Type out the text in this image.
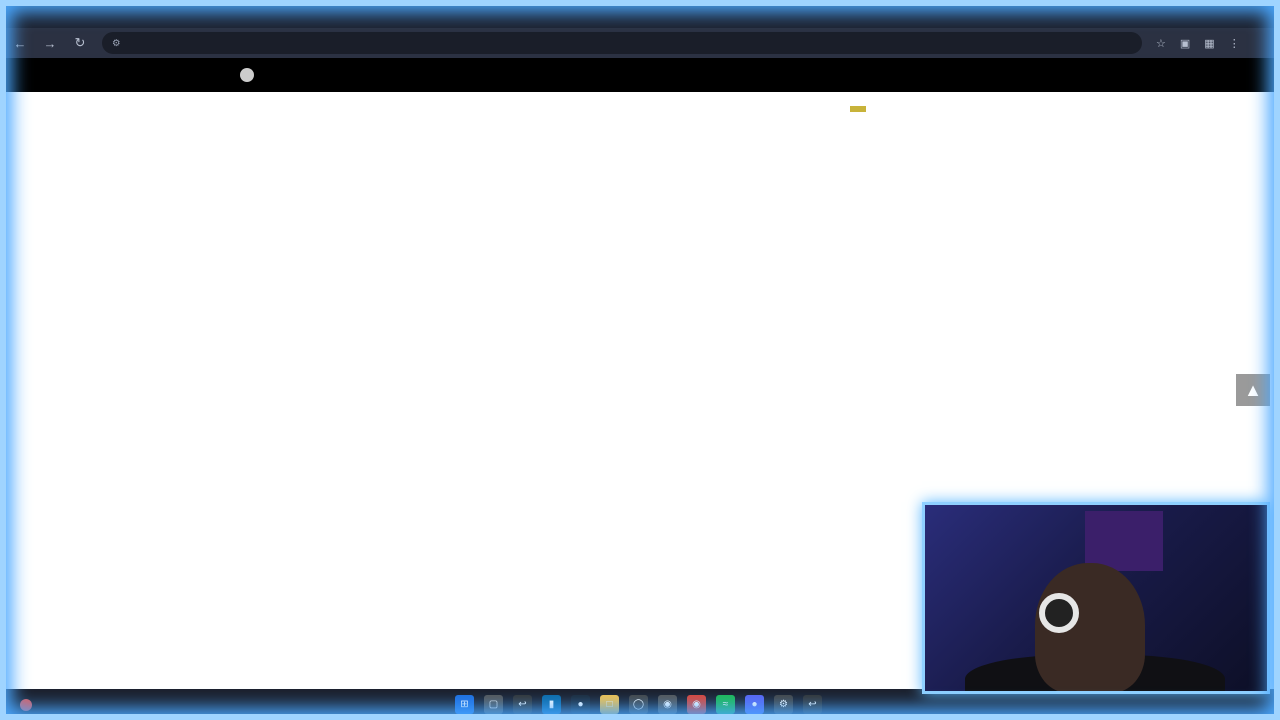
← → ↻	⚙	☆ ▣ ▦ ⋮

▲
⊞	▢	↩	▮	●	□	◯	◉	◉	≈	●	⚙	↩
